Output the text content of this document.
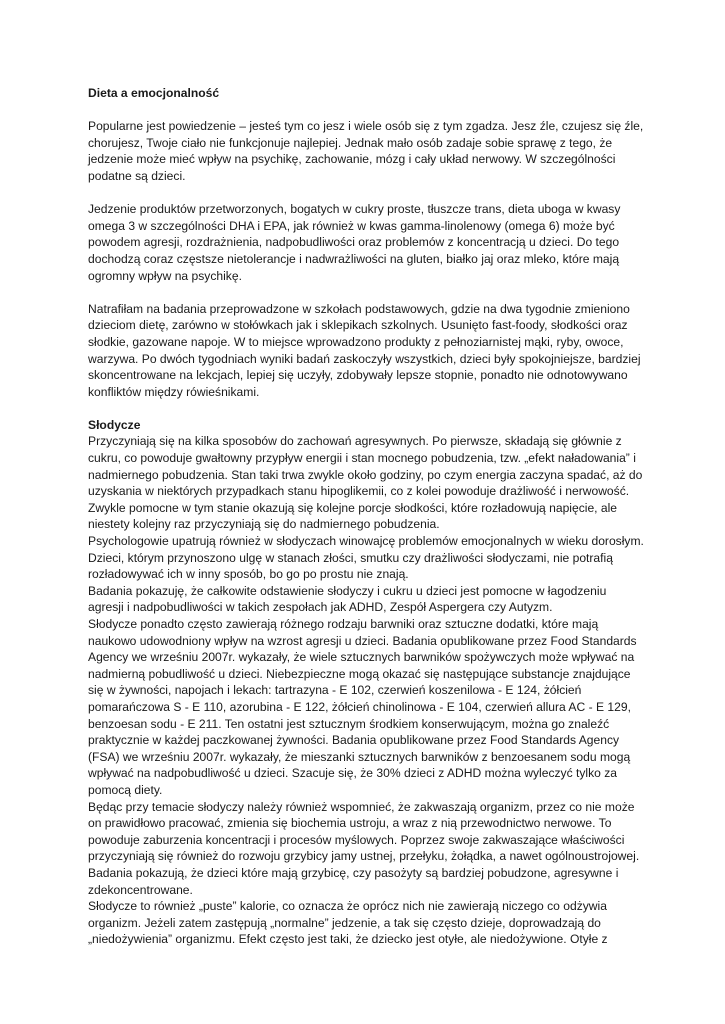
Dieta a emocjonalność

Popularne jest powiedzenie – jesteś tym co jesz i wiele osób się z tym zgadza. Jesz źle, czujesz się źle, chorujesz, Twoje ciało nie funkcjonuje najlepiej. Jednak mało osób zadaje sobie sprawę z tego, że jedzenie może mieć wpływ na psychikę, zachowanie, mózg i cały układ nerwowy. W szczególności podatne są dzieci.

Jedzenie produktów przetworzonych, bogatych w cukry proste, tłuszcze trans, dieta uboga w kwasy omega 3 w szczególności DHA i EPA, jak również w kwas gamma-linolenowy (omega 6) może być powodem agresji, rozdrażnienia, nadpobudliwości oraz problemów z koncentracją u dzieci. Do tego dochodzą coraz częstsze nietolerancje i nadwrażliwości na gluten, białko jaj oraz mleko, które mają ogromny wpływ na psychikę.

Natrafiłam na badania przeprowadzone w szkołach podstawowych, gdzie na dwa tygodnie zmieniono dzieciom dietę, zarówno w stołówkach jak i sklepikach szkolnych. Usunięto fast-foody, słodkości oraz słodkie, gazowane napoje. W to miejsce wprowadzono produkty z pełnoziarnistej mąki, ryby, owoce, warzywa. Po dwóch tygodniach wyniki badań zaskoczyły wszystkich, dzieci były spokojniejsze, bardziej skoncentrowane na lekcjach, lepiej się uczyły, zdobywały lepsze stopnie, ponadto nie odnotowywano konfliktów między rówieśnikami.

Słodycze

Przyczyniają się na kilka sposobów do zachowań agresywnych. Po pierwsze, składają się głównie z cukru, co powoduje gwałtowny przypływ energii i stan mocnego pobudzenia, tzw. „efekt naładowania” i nadmiernego pobudzenia. Stan taki trwa zwykle około godziny, po czym energia zaczyna spadać, aż do uzyskania w niektórych przypadkach stanu hipoglikemii, co z kolei powoduje drażliwość i nerwowość. Zwykle pomocne w tym stanie okazują się kolejne porcje słodkości, które rozładowują napięcie, ale niestety kolejny raz przyczyniają się do nadmiernego pobudzenia.

Psychologowie upatrują również w słodyczach winowajcę problemów emocjonalnych w wieku dorosłym. Dzieci, którym przynoszono ulgę w stanach złości, smutku czy drażliwości słodyczami, nie potrafią rozładowywać ich w inny sposób, bo go po prostu nie znają.

Badania pokazuję, że całkowite odstawienie słodyczy i cukru u dzieci jest pomocne w łagodzeniu agresji i nadpobudliwości w takich zespołach jak ADHD, Zespół Aspergera czy Autyzm.

Słodycze ponadto często zawierają różnego rodzaju barwniki oraz sztuczne dodatki, które mają naukowo udowodniony wpływ na wzrost agresji u dzieci. Badania opublikowane przez Food Standards Agency we wrześniu 2007r. wykazały, że wiele sztucznych barwników spożywczych może wpływać na nadmierną pobudliwość u dzieci. Niebezpieczne mogą okazać się następujące substancje znajdujące się w żywności, napojach i lekach: tartrazyna - E 102, czerwień koszenilowa - E 124, żółcień pomarańczowa S - E 110, azorubina - E 122, żółcień chinolinowa - E 104, czerwień allura AC - E 129, benzoesan sodu - E 211. Ten ostatni jest sztucznym środkiem konserwującym, można go znaleźć praktycznie w każdej paczkowanej żywności. Badania opublikowane przez Food Standards Agency (FSA) we wrześniu 2007r. wykazały, że mieszanki sztucznych barwników z benzoesanem sodu mogą wpływać na nadpobudliwość u dzieci. Szacuje się, że 30% dzieci z ADHD można wyleczyć tylko za pomocą diety.

Będąc przy temacie słodyczy należy również wspomnieć, że zakwaszają organizm, przez co nie może on prawidłowo pracować, zmienia się biochemia ustroju, a wraz z nią przewodnictwo nerwowe. To powoduje zaburzenia koncentracji i procesów myślowych. Poprzez swoje zakwaszające właściwości przyczyniają się również do rozwoju grzybicy jamy ustnej, przełyku, żołądka, a nawet ogólnoustrojowej. Badania pokazują, że dzieci które mają grzybicę, czy pasożyty są bardziej pobudzone, agresywne i zdekoncentrowane.

Słodycze to również „puste” kalorie, co oznacza że oprócz nich nie zawierają niczego co odżywia organizm. Jeżeli zatem zastępują „normalne” jedzenie, a tak się często dzieje, doprowadzają do „niedożywienia” organizmu. Efekt często jest taki, że dziecko jest otyłe, ale niedożywione. Otyłe z
